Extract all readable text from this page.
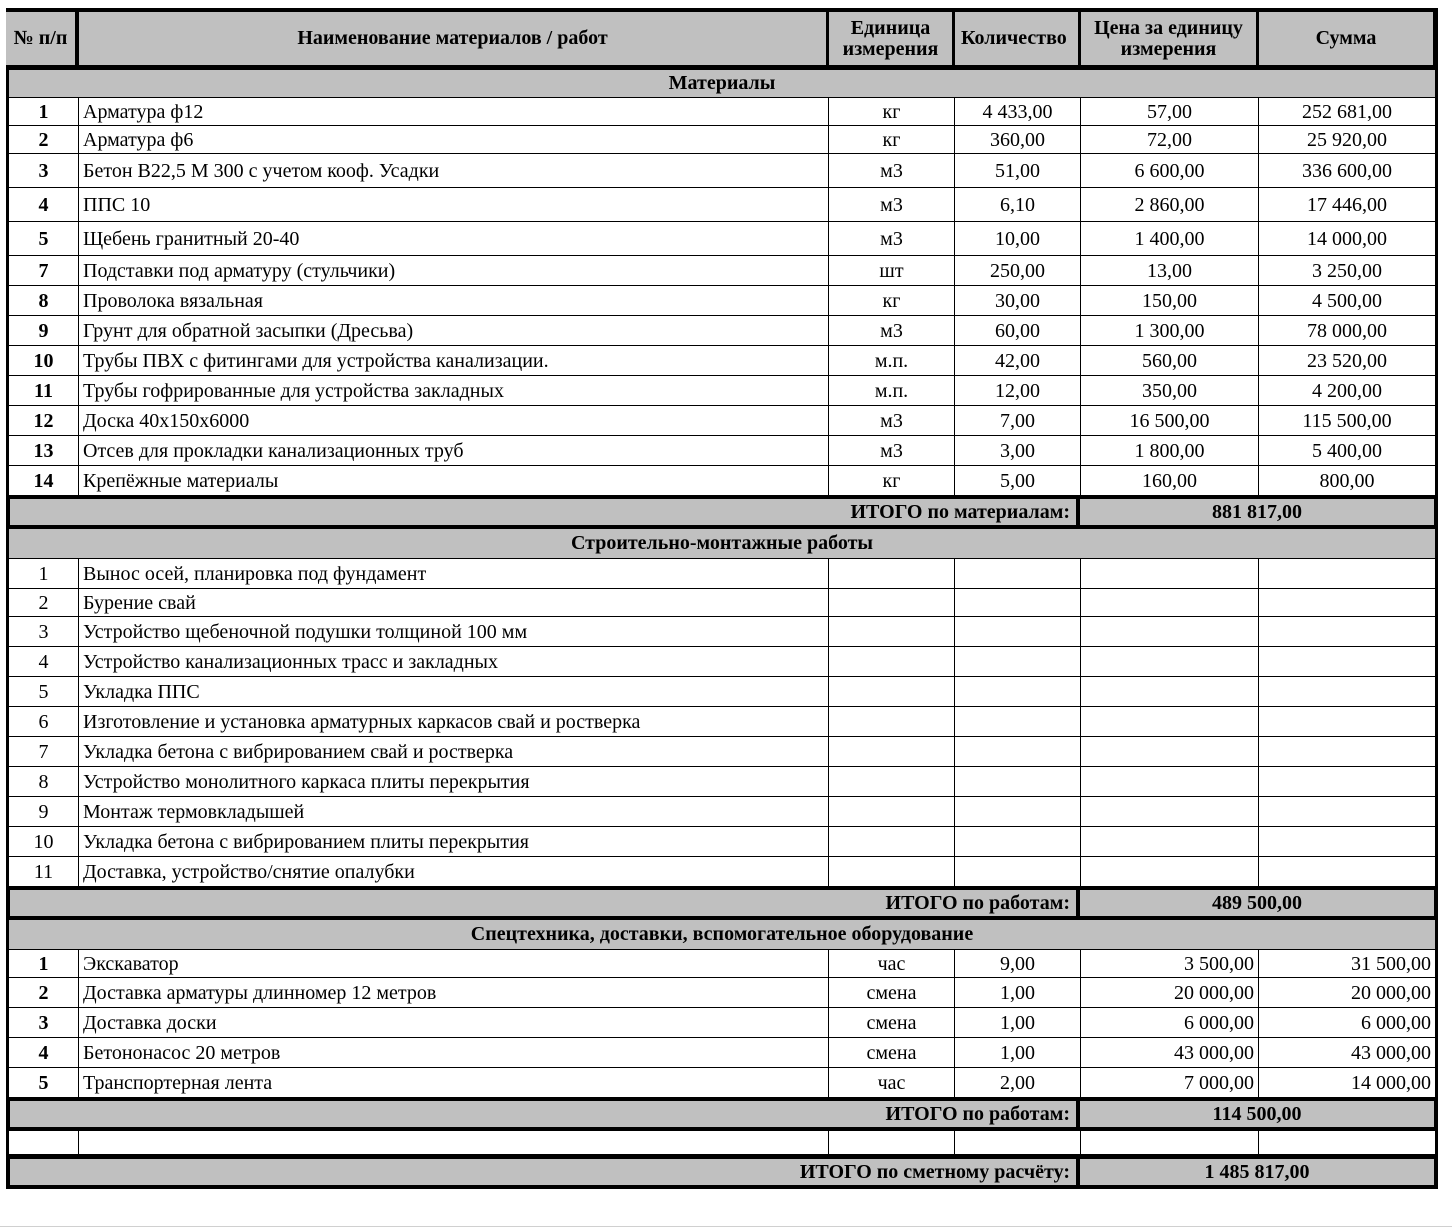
№ п/п	Наименование материалов / работ	Единица измерения	Количество	Цена за единицу измерения	Сумма
Материалы
1	Арматура ф12	кг	4 433,00	57,00	252 681,00
2	Арматура ф6	кг	360,00	72,00	25 920,00
3	Бетон В22,5 М 300 с учетом кооф. Усадки	м3	51,00	6 600,00	336 600,00
4	ППС 10	м3	6,10	2 860,00	17 446,00
5	Щебень гранитный 20-40	м3	10,00	1 400,00	14 000,00
7	Подставки под арматуру (стульчики)	шт	250,00	13,00	3 250,00
8	Проволока вязальная	кг	30,00	150,00	4 500,00
9	Грунт для обратной засыпки (Дресьва)	м3	60,00	1 300,00	78 000,00
10	Трубы ПВХ с фитингами для устройства канализации.	м.п.	42,00	560,00	23 520,00
11	Трубы гофрированные для устройства закладных	м.п.	12,00	350,00	4 200,00
12	Доска 40х150х6000	м3	7,00	16 500,00	115 500,00
13	Отсев для прокладки канализационных труб	м3	3,00	1 800,00	5 400,00
14	Крепёжные материалы	кг	5,00	160,00	800,00
ИТОГО по материалам:	881 817,00
Строительно-монтажные работы
1	Вынос осей, планировка под фундамент
2	Бурение свай
3	Устройство щебеночной подушки толщиной 100 мм
4	Устройство канализационных трасс и закладных
5	Укладка ППС
6	Изготовление и установка арматурных каркасов свай и ростверка
7	Укладка бетона с вибрированием свай и ростверка
8	Устройство монолитного каркаса плиты перекрытия
9	Монтаж термовкладышей
10	Укладка бетона с вибрированием плиты перекрытия
11	Доставка, устройство/снятие опалубки
ИТОГО по работам:	489 500,00
Спецтехника, доставки, вспомогательное оборудование
1	Экскаватор	час	9,00	3 500,00	31 500,00
2	Доставка арматуры длинномер 12 метров	смена	1,00	20 000,00	20 000,00
3	Доставка доски	смена	1,00	6 000,00	6 000,00
4	Бетононасос 20 метров	смена	1,00	43 000,00	43 000,00
5	Транспортерная лента	час	2,00	7 000,00	14 000,00
ИТОГО по работам:	114 500,00
ИТОГО по сметному расчёту:	1 485 817,00
